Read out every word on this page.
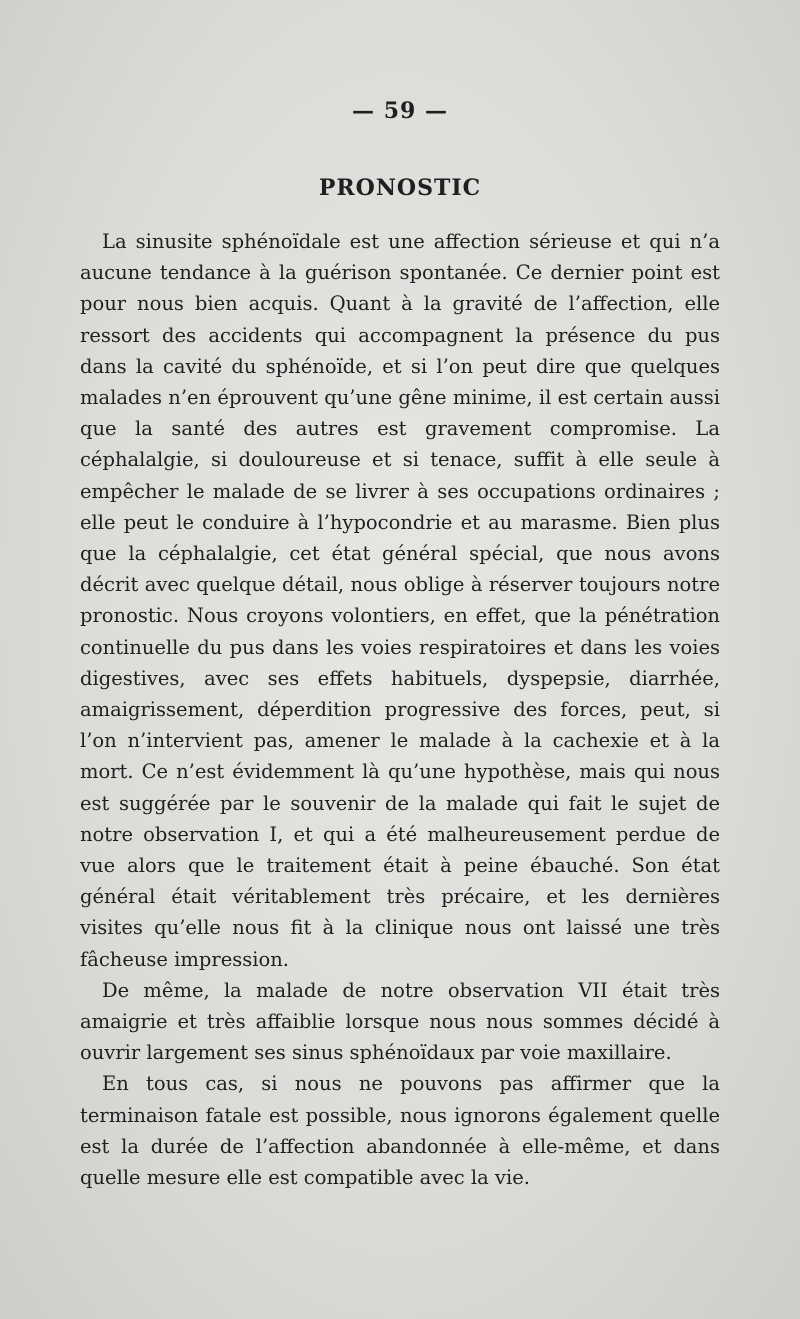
— 59 —

PRONOSTIC

La sinusite sphénoïdale est une affection sérieuse et qui n’a aucune tendance à la guérison spontanée. Ce dernier point est pour nous bien acquis. Quant à la gravité de l’affection, elle ressort des accidents qui accompagnent la présence du pus dans la cavité du sphénoïde, et si l’on peut dire que quelques malades n’en éprouvent qu’une gêne minime, il est certain aussi que la santé des autres est gravement compromise. La céphalalgie, si douloureuse et si tenace, suffit à elle seule à empêcher le malade de se livrer à ses occupations ordinaires ; elle peut le conduire à l’hypocondrie et au marasme. Bien plus que la céphalalgie, cet état général spécial, que nous avons décrit avec quelque détail, nous oblige à réserver toujours notre pronostic. Nous croyons volontiers, en effet, que la pénétration continuelle du pus dans les voies respiratoires et dans les voies digestives, avec ses effets habituels, dyspepsie, diarrhée, amaigrissement, déperdition progressive des forces, peut, si l’on n’intervient pas, amener le malade à la cachexie et à la mort. Ce n’est évidemment là qu’une hypothèse, mais qui nous est suggérée par le souvenir de la malade qui fait le sujet de notre observation I, et qui a été malheureusement perdue de vue alors que le traitement était à peine ébauché. Son état général était véritablement très précaire, et les dernières visites qu’elle nous fit à la clinique nous ont laissé une très fâcheuse impression.

De même, la malade de notre observation VII était très amaigrie et très affaiblie lorsque nous nous sommes décidé à ouvrir largement ses sinus sphénoïdaux par voie maxillaire.

En tous cas, si nous ne pouvons pas affirmer que la terminaison fatale est possible, nous ignorons également quelle est la durée de l’affection abandonnée à elle-même, et dans quelle mesure elle est compatible avec la vie.
